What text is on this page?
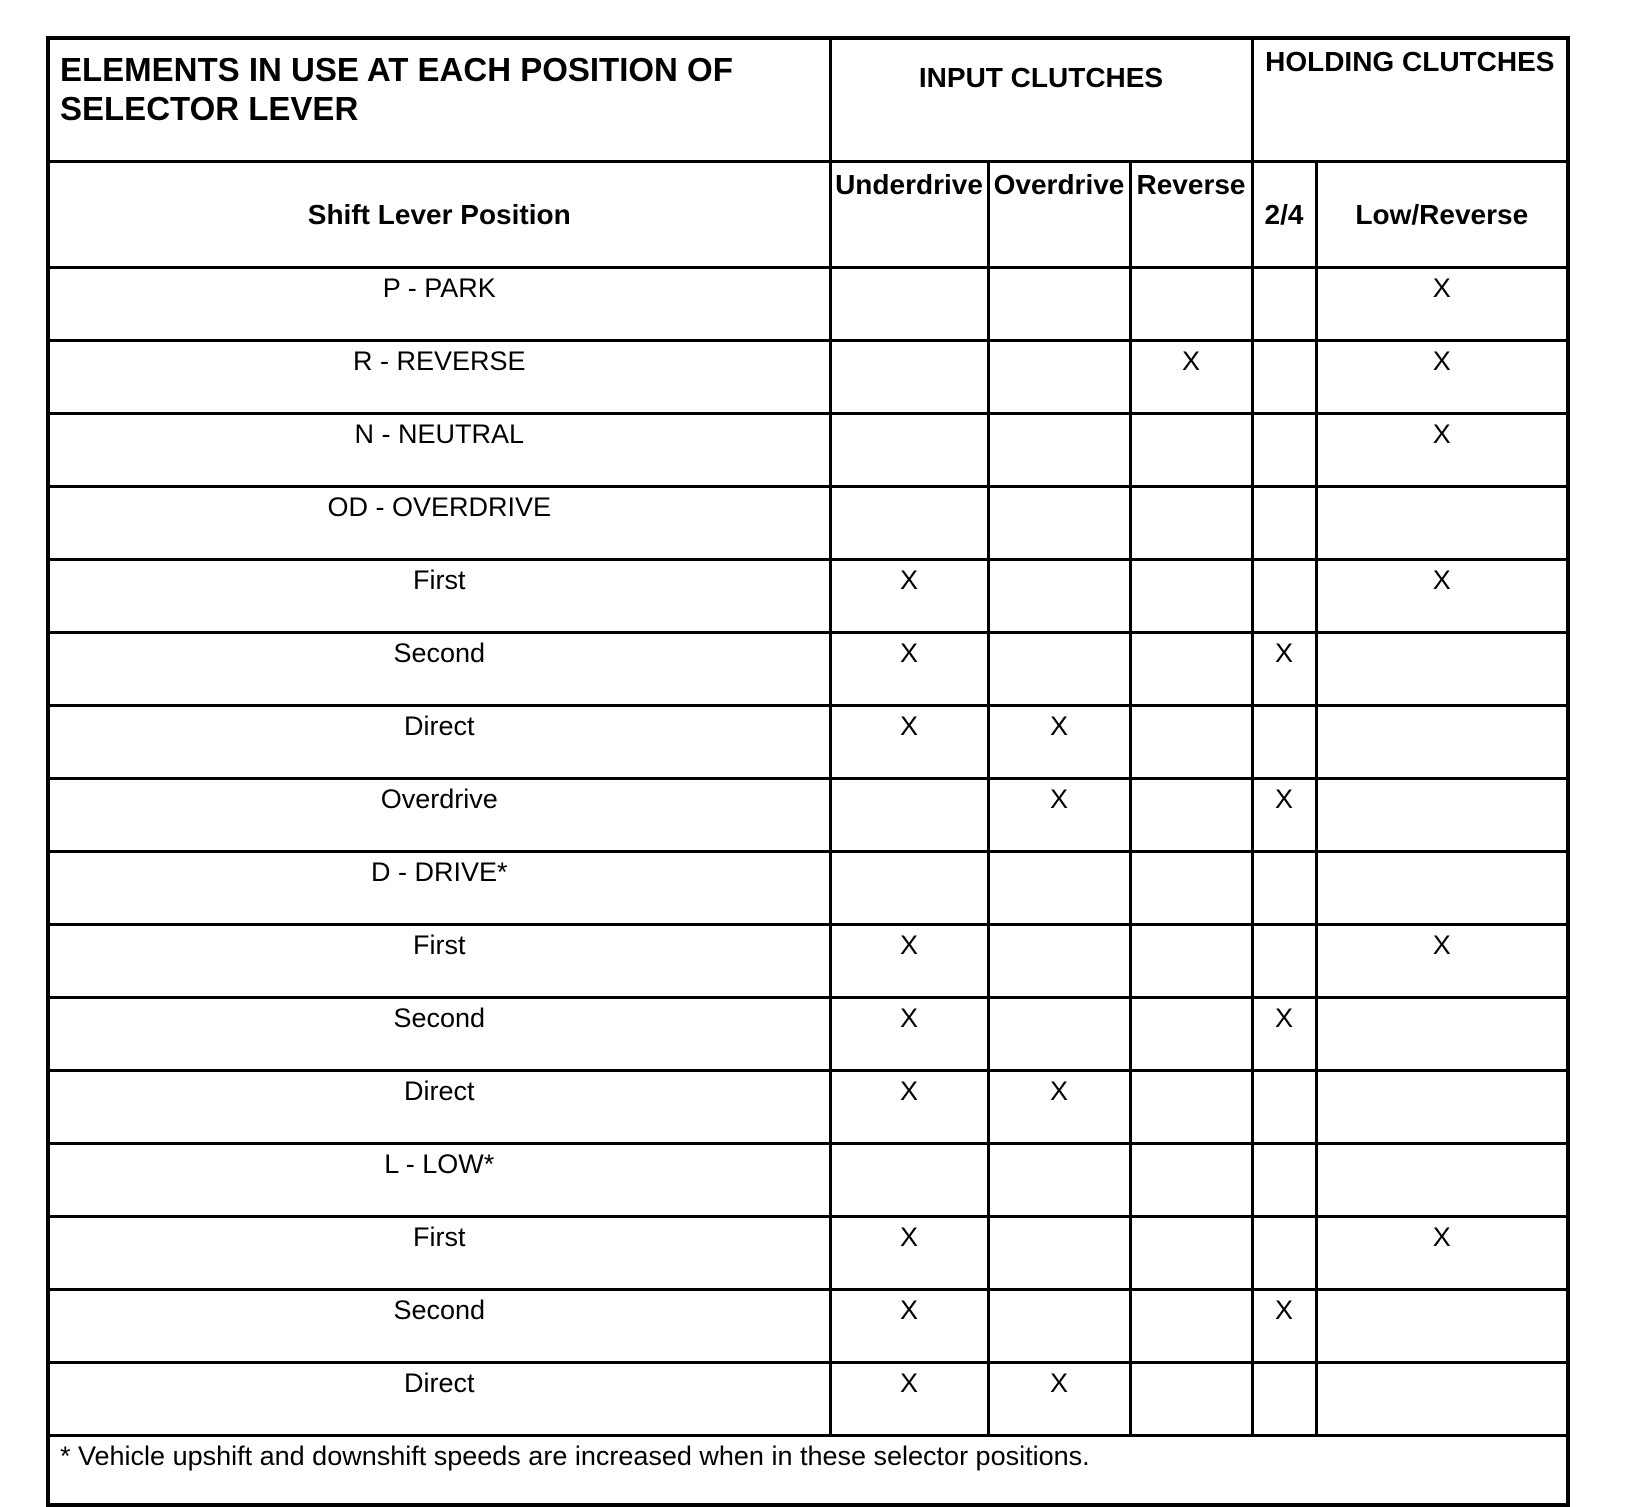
ELEMENTS IN USE AT EACH POSITION OF SELECTOR LEVER	INPUT CLUTCHES			HOLDING CLUTCHES	
Shift Lever Position	Underdrive	Overdrive	Reverse	2/4	Low/Reverse
P - PARK					X
R - REVERSE			X		X
N - NEUTRAL					X
OD - OVERDRIVE					
First	X				X
Second	X			X	
Direct	X	X			
Overdrive		X		X	
D - DRIVE*					
First	X				X
Second	X			X	
Direct	X	X			
L - LOW*					
First	X				X
Second	X			X	
Direct	X	X			
* Vehicle upshift and downshift speeds are increased when in these selector positions.					
